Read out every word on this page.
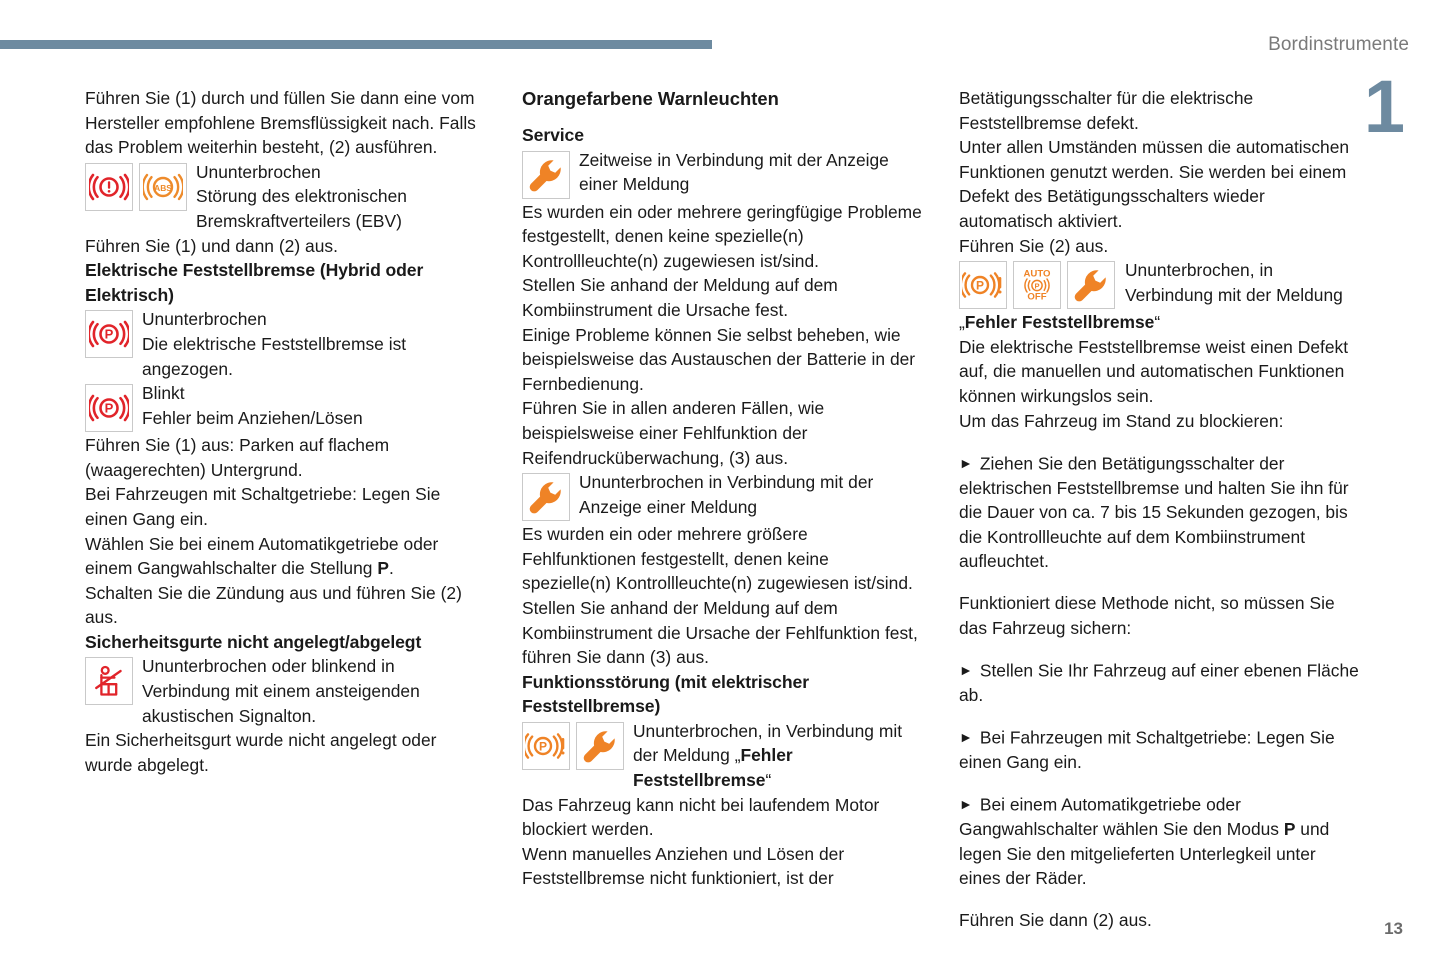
Bordinstrumente
1
13

Führen Sie (1) durch und füllen Sie dann eine vom Hersteller empfohlene Bremsflüssigkeit nach. Falls das Problem weiterhin besteht, (2) ausführen.

ABS

Ununterbrochen

Störung des elektronischen Bremskraftverteilers (EBV)

Führen Sie (1) und dann (2) aus.

Elektrische Feststellbremse (Hybrid oder Elektrisch)
P

Ununterbrochen

Die elektrische Feststellbremse ist angezogen.

P

Blinkt

Fehler beim Anziehen/Lösen

Führen Sie (1) aus: Parken auf flachem (waagerechten) Untergrund.

Bei Fahrzeugen mit Schaltgetriebe: Legen Sie einen Gang ein.

Wählen Sie bei einem Automatikgetriebe oder einem Gangwahlschalter die Stellung P.

Schalten Sie die Zündung aus und führen Sie (2) aus.

Sicherheitsgurte nicht angelegt/abgelegt

Ununterbrochen oder blinkend in Verbindung mit einem ansteigenden akustischen Signalton.

Ein Sicherheitsgurt wurde nicht angelegt oder wurde abgelegt.

Orangefarbene Warnleuchten
Service

Zeitweise in Verbindung mit der Anzeige einer Meldung

Es wurden ein oder mehrere geringfügige Probleme festgestellt, denen keine spezielle(n) Kontrollleuchte(n) zugewiesen ist/sind.

Stellen Sie anhand der Meldung auf dem Kombiinstrument die Ursache fest.

Einige Probleme können Sie selbst beheben, wie beispielsweise das Austauschen der Batterie in der Fernbedienung.

Führen Sie in allen anderen Fällen, wie beispielsweise einer Fehlfunktion der Reifendrucküberwachung, (3) aus.

Ununterbrochen in Verbindung mit der Anzeige einer Meldung

Es wurden ein oder mehrere größere Fehlfunktionen festgestellt, denen keine spezielle(n) Kontrollleuchte(n) zugewiesen ist/sind.

Stellen Sie anhand der Meldung auf dem Kombiinstrument die Ursache der Fehlfunktion fest, führen Sie dann (3) aus.

Funktionsstörung (mit elektrischer Feststellbremse)
P

Ununterbrochen, in Verbindung mit der Meldung „Fehler Feststellbremse“

Das Fahrzeug kann nicht bei laufendem Motor blockiert werden.

Wenn manuelles Anziehen und Lösen der Feststellbremse nicht funktioniert, ist der

Betätigungsschalter für die elektrische Feststellbremse defekt.

Unter allen Umständen müssen die automatischen Funktionen genutzt werden. Sie werden bei einem Defekt des Betätigungsschalters wieder automatisch aktiviert.

Führen Sie (2) aus.

P
AUTO
P
OFF

Ununterbrochen, in Verbindung mit der Meldung

„Fehler Feststellbremse“

Die elektrische Feststellbremse weist einen Defekt auf, die manuellen und automatischen Funktionen können wirkungslos sein.

Um das Fahrzeug im Stand zu blockieren:

► Ziehen Sie den Betätigungsschalter der elektrischen Feststellbremse und halten Sie ihn für die Dauer von ca. 7 bis 15 Sekunden gezogen, bis die Kontrollleuchte auf dem Kombiinstrument aufleuchtet.

Funktioniert diese Methode nicht, so müssen Sie das Fahrzeug sichern:

► Stellen Sie Ihr Fahrzeug auf einer ebenen Fläche ab.

► Bei Fahrzeugen mit Schaltgetriebe: Legen Sie einen Gang ein.

► Bei einem Automatikgetriebe oder Gangwahlschalter wählen Sie den Modus P und legen Sie den mitgelieferten Unterlegkeil unter eines der Räder.

Führen Sie dann (2) aus.
